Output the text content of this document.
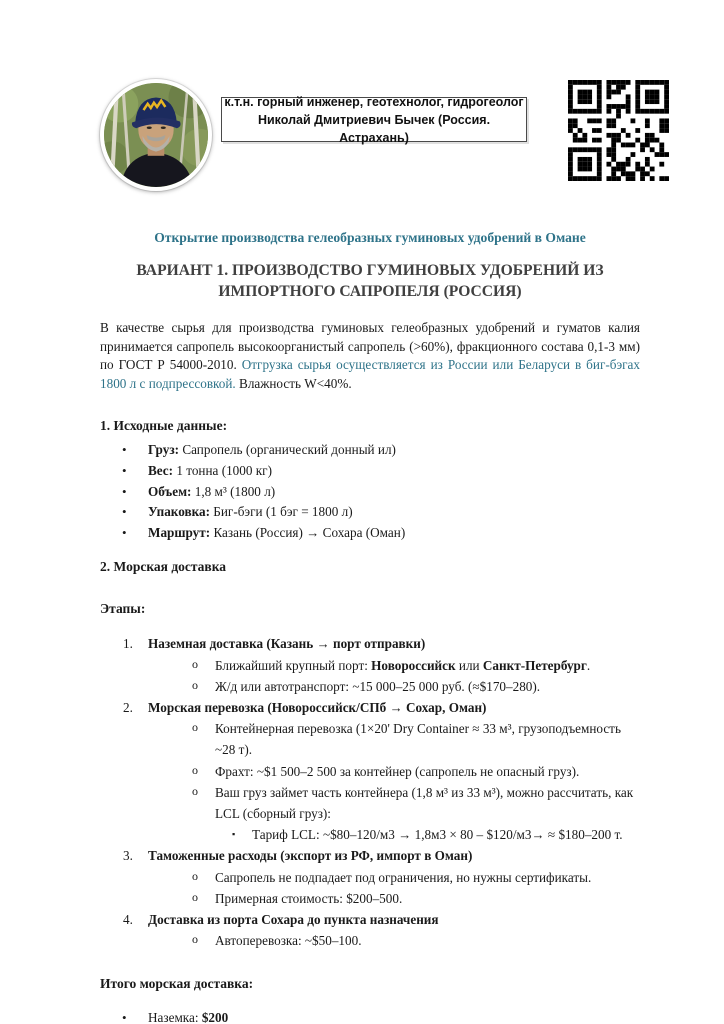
к.т.н. горный инженер, геотехнолог, гидрогеолог
Николай Дмитриевич Бычек (Россия. Астрахань)

Открытие производства гелеобразных гуминовых удобрений в Омане

ВАРИАНТ 1. ПРОИЗВОДСТВО ГУМИНОВЫХ УДОБРЕНИЙ ИЗ
ИМПОРТНОГО САПРОПЕЛЯ (РОССИЯ)

В качестве сырья для производства гуминовых гелеобразных удобрений и гуматов калия принимается сапропель высокоорганистый сапропель (>60%), фракционного состава 0,1-3 мм) по ГОСТ Р 54000-2010. Отгрузка сырья осуществляется из России или Беларуси в биг-бэгах 1800 л с подпрессовкой. Влажность W<40%.

1. Исходные данные:

•	Груз: Сапропель (органический донный ил)
•	Вес: 1 тонна (1000 кг)
•	Объем: 1,8 м³ (1800 л)
•	Упаковка: Биг-бэги (1 бэг = 1800 л)
•	Маршрут: Казань (Россия) → Сохара (Оман)

2. Морская доставка

Этапы:

1.	Наземная доставка (Казань → порт отправки)
o	Ближайший крупный порт: Новороссийск или Санкт-Петербург.
o	Ж/д или автотранспорт: ~15 000–25 000 руб. (≈$170–280).
2.	Морская перевозка (Новороссийск/СПб → Сохар, Оман)
o	Контейнерная перевозка (1×20' Dry Container ≈ 33 м³, грузоподъемность ~28 т).
o	Фрахт: ~$1 500–2 500 за контейнер (сапропель не опасный груз).
o	Ваш груз займет часть контейнера (1,8 м³ из 33 м³), можно рассчитать, как LCL (сборный груз):
▪	Тариф LCL: ~$80–120/м3 → 1,8м3 × 80 – $120/м3→ ≈ $180–200 т.
3.	Таможенные расходы (экспорт из РФ, импорт в Оман)
o	Сапропель не подпадает под ограничения, но нужны сертификаты.
o	Примерная стоимость: $200–500.
4.	Доставка из порта Сохара до пункта назначения
o	Автоперевозка: ~$50–100.

Итого морская доставка:

•	Наземка: $200
